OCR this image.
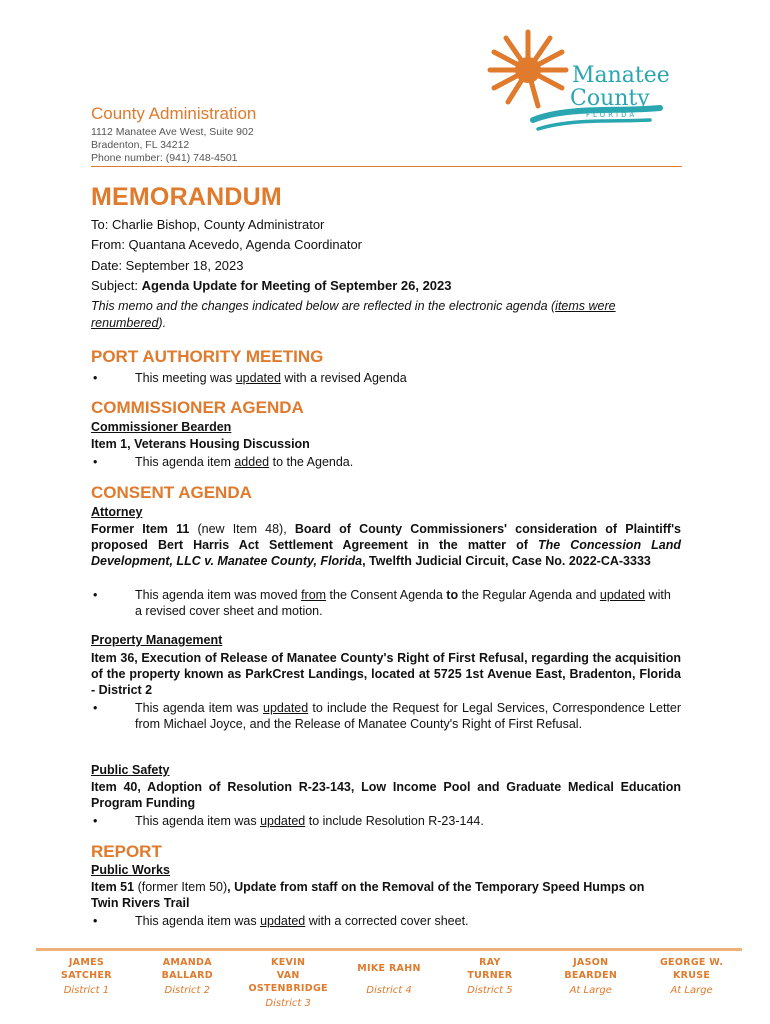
Manatee
County
FLORIDA
County Administration
1112 Manatee Ave West, Suite 902
Bradenton, FL 34212
Phone number: (941) 748-4501
MEMORANDUM
To: Charlie Bishop, County Administrator
From: Quantana Acevedo, Agenda Coordinator
Date: September 18, 2023
Subject: Agenda Update for Meeting of September 26, 2023
This memo and the changes indicated below are reflected in the electronic agenda (items were renumbered).
PORT AUTHORITY MEETING
• This meeting was updated with a revised Agenda
COMMISSIONER AGENDA
Commissioner Bearden
Item 1, Veterans Housing Discussion
• This agenda item added to the Agenda.
CONSENT AGENDA
Attorney
Former Item 11 (new Item 48), Board of County Commissioners' consideration of Plaintiff's proposed Bert Harris Act Settlement Agreement in the matter of The Concession Land Development, LLC v. Manatee County, Florida, Twelfth Judicial Circuit, Case No. 2022-CA-3333
• This agenda item was moved from the Consent Agenda to the Regular Agenda and updated with a revised cover sheet and motion.
Property Management
Item 36, Execution of Release of Manatee County's Right of First Refusal, regarding the acquisition of the property known as ParkCrest Landings, located at 5725 1st Avenue East, Bradenton, Florida - District 2
• This agenda item was updated to include the Request for Legal Services, Correspondence Letter from Michael Joyce, and the Release of Manatee County's Right of First Refusal.
Public Safety
Item 40, Adoption of Resolution R-23-143, Low Income Pool and Graduate Medical Education Program Funding
• This agenda item was updated to include Resolution R-23-144.
REPORT
Public Works
Item 51 (former Item 50), Update from staff on the Removal of the Temporary Speed Humps on Twin Rivers Trail
• This agenda item was updated with a corrected cover sheet.
JAMES
SATCHER
District 1
AMANDA
BALLARD
District 2
KEVIN
VAN OSTENBRIDGE
District 3
MIKE RAHN
District 4
RAY
TURNER
District 5
JASON
BEARDEN
At Large
GEORGE W.
KRUSE
At Large
